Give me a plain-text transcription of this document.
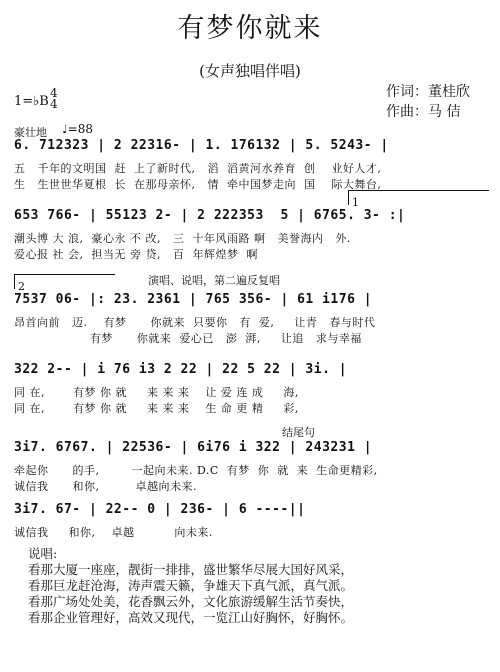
有梦你就来
(女声独唱伴唱)
作词：董桂欣
作曲：马 佶
1=♭B
4
4
豪壮地 ♩=88
6. 712323 | 2 22316- | 1. 176132 | 5. 5243- |
五   千年的文明国  赶  上了新时代,   滔  滔黄河水养育  创    业好人才,
生   生世世华夏根  长  在那母亲怀,   情  牵中国梦走向  国    际大舞台,
1
653 766- | 55123 2- | 2 222353  5 | 6765. 3- :|
潮头博 大 浪,  豪心永 不 改,   三  十年风雨路 啊   美誉海内   外.
爱心报 社 会,  担当无 旁 贷,   百  年辉煌梦  啊
2	演唱、说唱，第二遍反复唱
7537 06- |: 23. 2361 | 765 356- | 61 i176 |
昂首向前   迈.    有梦      你就来  只要你   有  爱,     让青   春与时代
有梦      你就来  爱心已   澎  湃,     让追   求与幸福
322 2-- | i 76 i3 2 22 | 22 5 22 | 3i. |
同 在,       有梦 你 就     来 来 来    让 爱 连 成     海,
同 在,       有梦 你 就     来 来 来    生 命 更 精     彩,
结尾句
3i7. 6767. | 22536- | 6i76 i 322 | 243231 |
牵起你      的手,        一起向未来. D.C  有梦  你  就  来  生命更精彩,
诚信我      和你,         卓越向未来.
3i7. 67- | 22-- 0 | 236- | 6 ----||
诚信我     和你,    卓越          向未来.
说唱:
看那大厦一座座，靓街一排排，盛世繁华尽展大国好风采，
看那巨龙赶沧海，涛声震天籁，争雄天下真气派，真气派。
看那广场处处美，花香飘云外，文化旅游缓解生活节奏快，
看那企业管理好，高效又现代，一览江山好胸怀，好胸怀。
